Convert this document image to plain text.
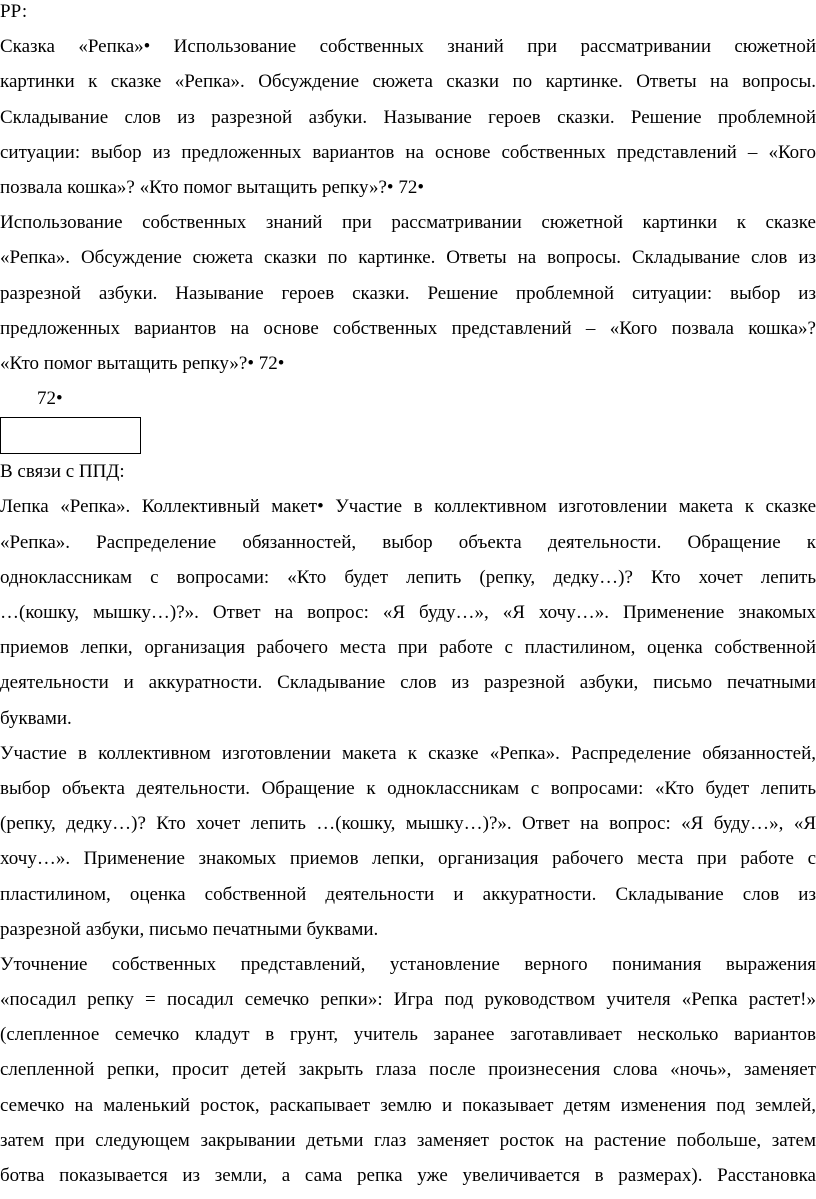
РР:
Сказка «Репка»• Использование собственных знаний при рассматривании сюжетной
картинки к сказке «Репка». Обсуждение сюжета сказки по картинке. Ответы на вопросы.
Складывание слов из разрезной азбуки. Называние героев сказки. Решение проблемной
ситуации: выбор из предложенных вариантов на основе собственных представлений – «Кого
позвала кошка»? «Кто помог вытащить репку»?• 72•
Использование собственных знаний при рассматривании сюжетной картинки к сказке
«Репка». Обсуждение сюжета сказки по картинке. Ответы на вопросы. Складывание слов из
разрезной азбуки. Называние героев сказки. Решение проблемной ситуации: выбор из
предложенных вариантов на основе собственных представлений – «Кого позвала кошка»?
«Кто помог вытащить репку»?• 72•
72•
В связи с ППД:
Лепка «Репка». Коллективный макет• Участие в коллективном изготовлении макета к сказке
«Репка». Распределение обязанностей, выбор объекта деятельности. Обращение к
одноклассникам с вопросами: «Кто будет лепить (репку, дедку…)? Кто хочет лепить
…(кошку, мышку…)?». Ответ на вопрос: «Я буду…», «Я хочу…». Применение знакомых
приемов лепки, организация рабочего места при работе с пластилином, оценка собственной
деятельности и аккуратности. Складывание слов из разрезной азбуки, письмо печатными
буквами.
Участие в коллективном изготовлении макета к сказке «Репка». Распределение обязанностей,
выбор объекта деятельности. Обращение к одноклассникам с вопросами: «Кто будет лепить
(репку, дедку…)? Кто хочет лепить …(кошку, мышку…)?». Ответ на вопрос: «Я буду…», «Я
хочу…». Применение знакомых приемов лепки, организация рабочего места при работе с
пластилином, оценка собственной деятельности и аккуратности. Складывание слов из
разрезной азбуки, письмо печатными буквами.
Уточнение собственных представлений, установление верного понимания выражения
«посадил репку = посадил семечко репки»: Игра под руководством учителя «Репка растет!»
(слепленное семечко кладут в грунт, учитель заранее заготавливает несколько вариантов
слепленной репки, просит детей закрыть глаза после произнесения слова «ночь», заменяет
семечко на маленький росток, раскапывает землю и показывает детям изменения под землей,
затем при следующем закрывании детьми глаз заменяет росток на растение побольше, затем
ботва показывается из земли, а сама репка уже увеличивается в размерах). Расстановка
